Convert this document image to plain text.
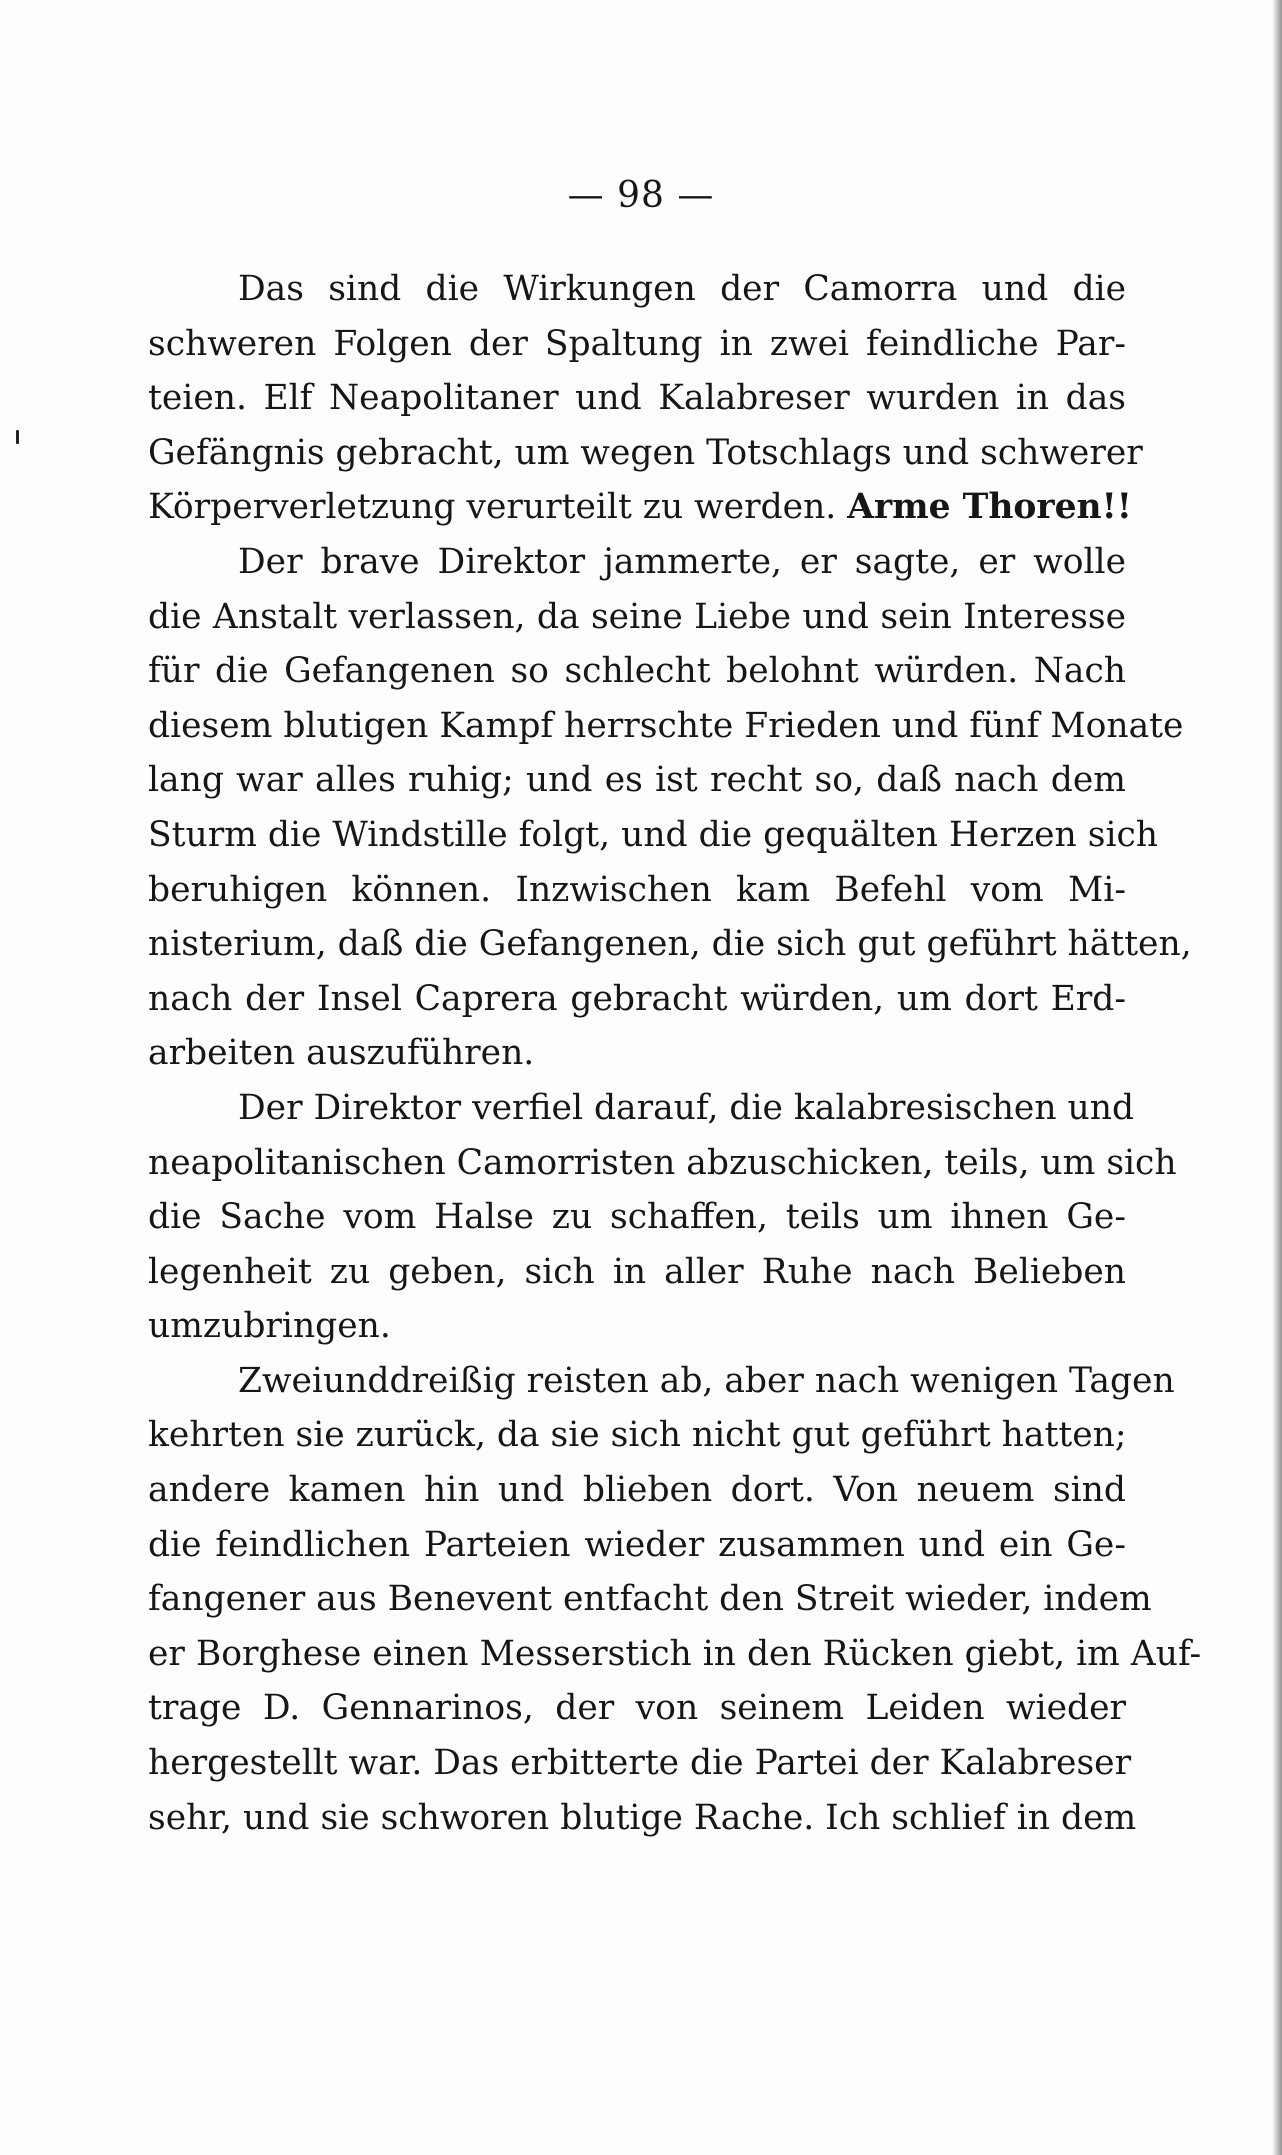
— 98 —
Das sind die Wirkungen der Camorra und die
schweren Folgen der Spaltung in zwei feindliche Par-
teien. Elf Neapolitaner und Kalabreser wurden in das
Gefängnis gebracht, um wegen Totschlags und schwerer
Körperverletzung verurteilt zu werden. Arme Thoren!!
Der brave Direktor jammerte, er sagte, er wolle
die Anstalt verlassen, da seine Liebe und sein Interesse
für die Gefangenen so schlecht belohnt würden. Nach
diesem blutigen Kampf herrschte Frieden und fünf Monate
lang war alles ruhig; und es ist recht so, daß nach dem
Sturm die Windstille folgt, und die gequälten Herzen sich
beruhigen können. Inzwischen kam Befehl vom Mi-
nisterium, daß die Gefangenen, die sich gut geführt hätten,
nach der Insel Caprera gebracht würden, um dort Erd-
arbeiten auszuführen.
Der Direktor verfiel darauf, die kalabresischen und
neapolitanischen Camorristen abzuschicken, teils, um sich
die Sache vom Halse zu schaffen, teils um ihnen Ge-
legenheit zu geben, sich in aller Ruhe nach Belieben
umzubringen.
Zweiunddreißig reisten ab, aber nach wenigen Tagen
kehrten sie zurück, da sie sich nicht gut geführt hatten;
andere kamen hin und blieben dort. Von neuem sind
die feindlichen Parteien wieder zusammen und ein Ge-
fangener aus Benevent entfacht den Streit wieder, indem
er Borghese einen Messerstich in den Rücken giebt, im Auf-
trage D. Gennarinos, der von seinem Leiden wieder
hergestellt war. Das erbitterte die Partei der Kalabreser
sehr, und sie schworen blutige Rache. Ich schlief in dem
